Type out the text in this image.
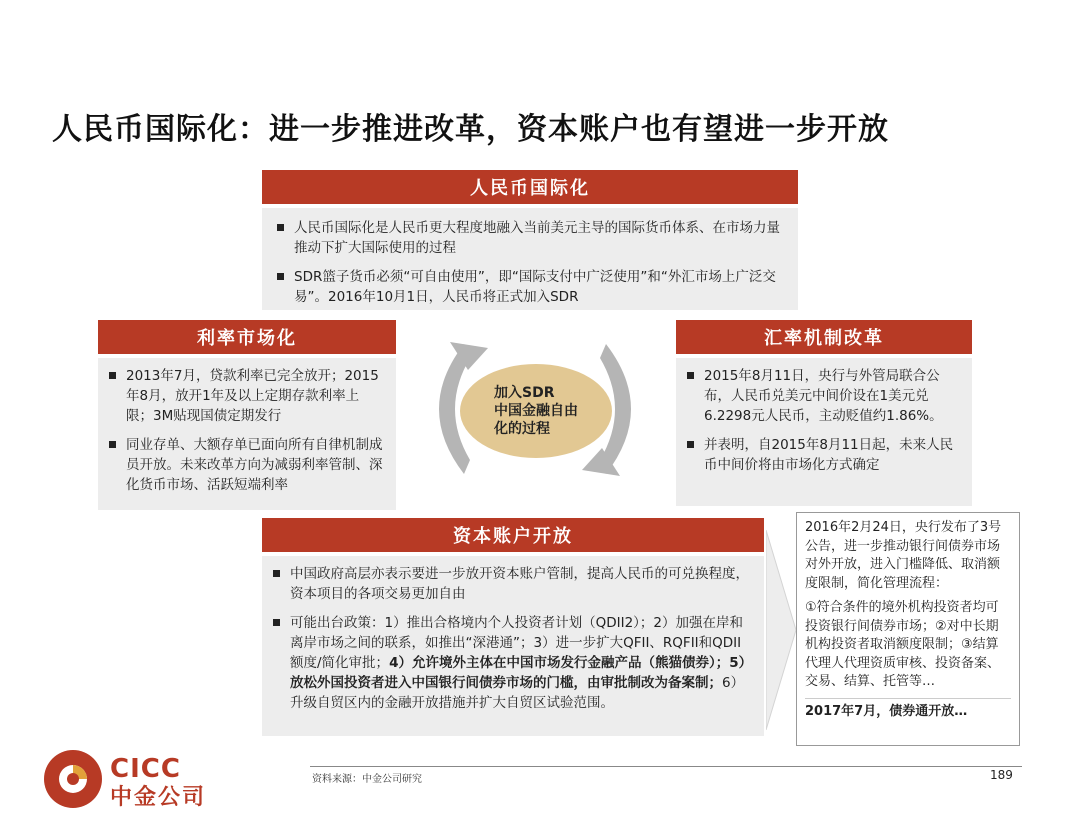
人民币国际化：进一步推进改革，资本账户也有望进一步开放
人民币国际化
人民币国际化是人民币更大程度地融入当前美元主导的国际货币体系、在市场力量推动下扩大国际使用的过程
SDR篮子货币必须“可自由使用”，即“国际支付中广泛使用”和“外汇市场上广泛交易”。2016年10月1日，人民币将正式加入SDR
利率市场化
2013年7月，贷款利率已完全放开；2015年8月，放开1年及以上定期存款利率上限；3M贴现国债定期发行
同业存单、大额存单已面向所有自律机制成员开放。未来改革方向为减弱利率管制、深化货币市场、活跃短端利率
汇率机制改革
2015年8月11日，央行与外管局联合公布，人民币兑美元中间价设在1美元兑6.2298元人民币，主动贬值约1.86%。
并表明，自2015年8月11日起，未来人民币中间价将由市场化方式确定
加入SDR
中国金融自由
化的过程
资本账户开放
中国政府高层亦表示要进一步放开资本账户管制，提高人民币的可兑换程度，资本项目的各项交易更加自由
可能出台政策：1）推出合格境内个人投资者计划（QDII2）；2）加强在岸和离岸市场之间的联系，如推出“深港通”；3）进一步扩大QFII、RQFII和QDII额度/简化审批；4）允许境外主体在中国市场发行金融产品（熊猫债券）；5）放松外国投资者进入中国银行间债券市场的门槛，由审批制改为备案制；6）升级自贸区内的金融开放措施并扩大自贸区试验范围。

2016年2月24日，央行发布了3号公告，进一步推动银行间债券市场对外开放，进入门槛降低、取消额度限制，简化管理流程：

①符合条件的境外机构投资者均可投资银行间债券市场；②对中长期机构投资者取消额度限制；③结算代理人代理资质审核、投资备案、交易、结算、托管等…

2017年7月，债券通开放…

资料来源：中金公司研究	189
CICC
中金公司
